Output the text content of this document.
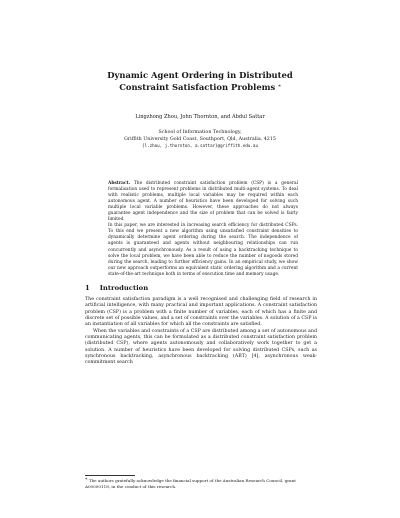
Dynamic Agent Ordering in Distributed
Constraint Satisfaction Problems *
Lingzhong Zhou, John Thornton, and Abdul Sattar
School of Information Technology,
Griffith University Gold Coast, Southport, Qld, Australia, 4215
{l.zhou, j.thornton, a.sattar}@griffith.edu.au

Abstract. The distributed constraint satisfaction problem (CSP) is a general formalisation used to represent problems in distributed multi-agent systems. To deal with realistic problems, multiple local variables may be required within each autonomous agent. A number of heuristics have been developed for solving such multiple local variable problems. However, these approaches do not always guarantee agent independence and the size of problem that can be solved is fairly limited.

In this paper, we are interested in increasing search efficiency for distributed CSPs. To this end we present a new algorithm using unsatisfied constraint densities to dynamically determine agent ordering during the search. The independence of agents is guaranteed and agents without neighbouring relationships can run concurrently and asynchronously. As a result of using a backtracking technique to solve the local problem, we have been able to reduce the number of nogoods stored during the search, leading to further efficiency gains. In an empirical study, we show our new approach outperforms an equivalent static ordering algorithm and a current state-of-the-art technique both in terms of execution time and memory usage.

1 Introduction

The constraint satisfaction paradigm is a well recognised and challenging field of research in artificial intelligence, with many practical and important applications. A constraint satisfaction problem (CSP) is a problem with a finite number of variables, each of which has a finite and discrete set of possible values, and a set of constraints over the variables. A solution of a CSP is an instantiation of all variables for which all the constraints are satisfied.

When the variables and constraints of a CSP are distributed among a set of autonomous and communicating agents, this can be formulated as a distributed constraint satisfaction problem (distributed CSP), where agents autonomously and collaboratively work together to get a solution. A number of heuristics have been developed for solving distributed CSPs, such as synchronous backtracking, asynchronous backtracking (ABT) [4], asynchronous weak-commitment search

* The authors gratefully acknowledge the financial support of the Australian Research Council, grant A00000118, in the conduct of this research.
